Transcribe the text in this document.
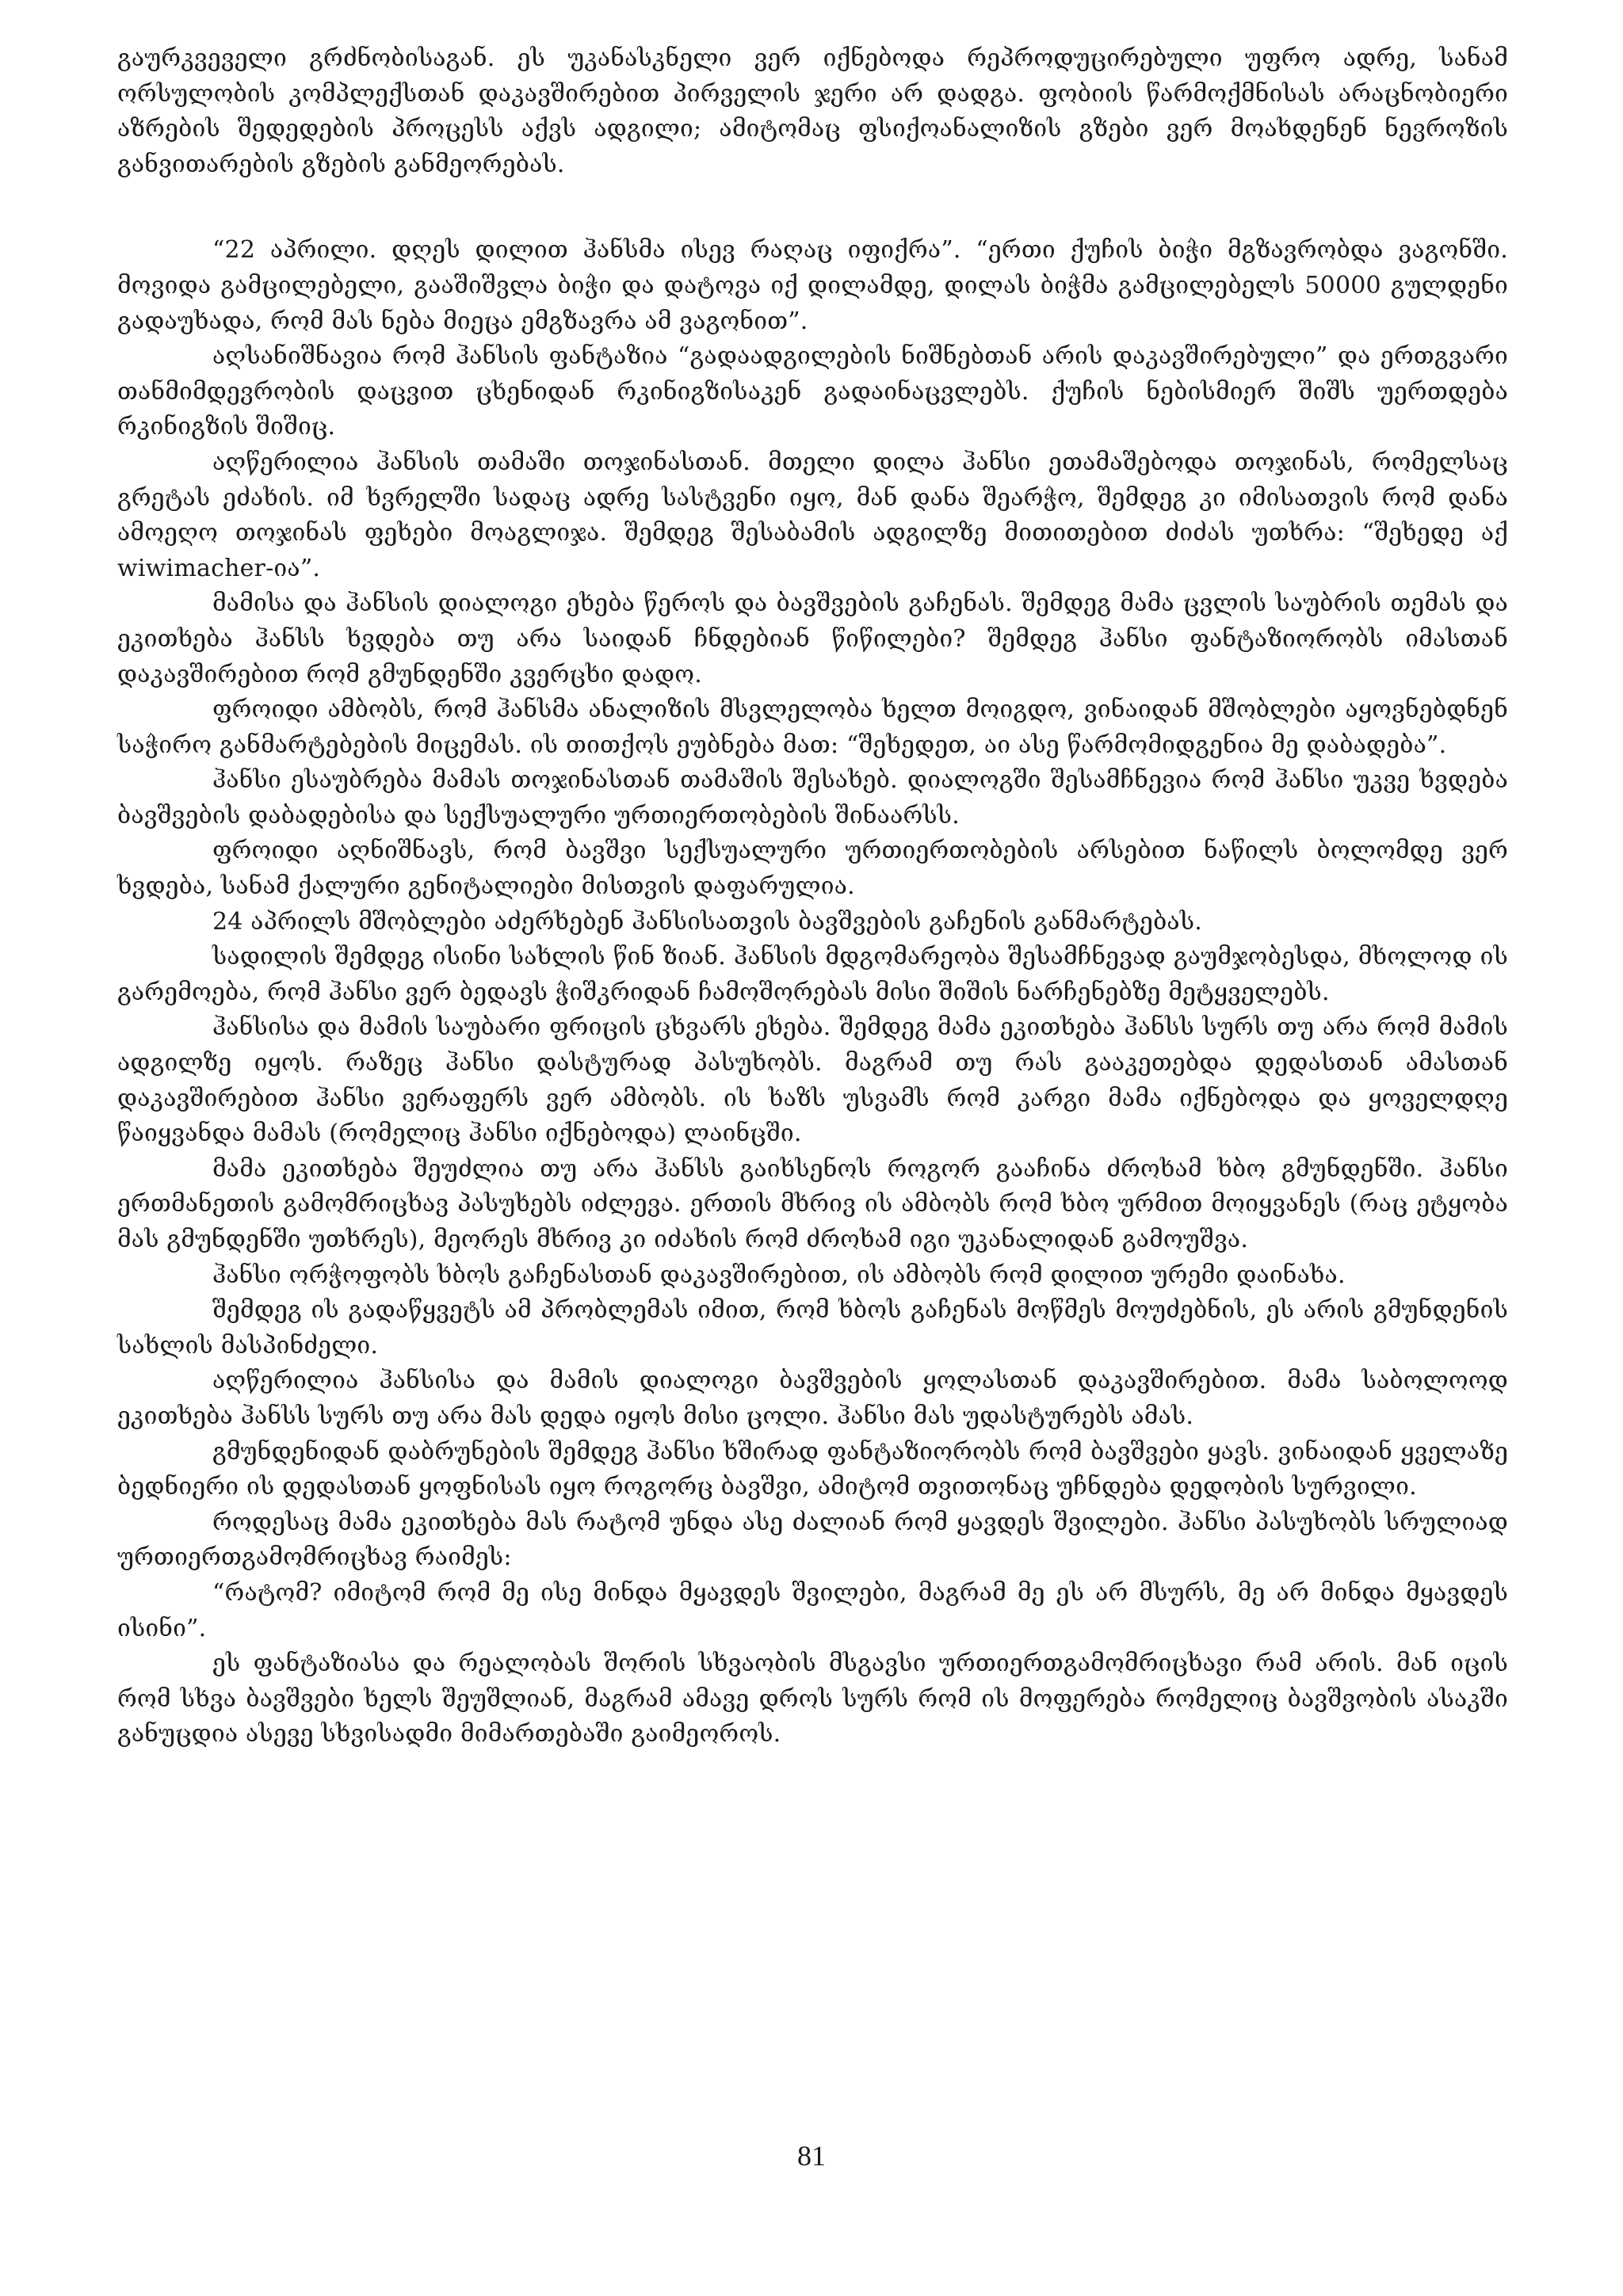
გაურკვეველი გრძნობისაგან. ეს უკანასკნელი ვერ იქნებოდა რეპროდუცირებული უფრო ადრე, სანამ ორსულობის კომპლექსთან დაკავშირებით პირველის ჯერი არ დადგა. ფობიის წარმოქმნისას არაცნობიერი აზრების შედედების პროცესს აქვს ადგილი; ამიტომაც ფსიქოანალიზის გზები ვერ მოახდენენ ნევროზის განვითარების გზების განმეორებას.

“22 აპრილი. დღეს დილით ჰანსმა ისევ რაღაც იფიქრა”. “ერთი ქუჩის ბიჭი მგზავრობდა ვაგონში. მოვიდა გამცილებელი, გააშიშვლა ბიჭი და დატოვა იქ დილამდე, დილას ბიჭმა გამცილებელს 50000 გულდენი გადაუხადა, რომ მას ნება მიეცა ემგზავრა ამ ვაგონით”.

აღსანიშნავია რომ ჰანსის ფანტაზია “გადაადგილების ნიშნებთან არის დაკავშირებული” და ერთგვარი თანმიმდევრობის დაცვით ცხენიდან რკინიგზისაკენ გადაინაცვლებს. ქუჩის ნებისმიერ შიშს უერთდება რკინიგზის შიშიც.

აღწერილია ჰანსის თამაში თოჯინასთან. მთელი დილა ჰანსი ეთამაშებოდა თოჯინას, რომელსაც გრეტას ეძახის. იმ ხვრელში სადაც ადრე სასტვენი იყო, მან დანა შეარჭო, შემდეგ კი იმისათვის რომ დანა ამოეღო თოჯინას ფეხები მოაგლიჯა. შემდეგ შესაბამის ადგილზე მითითებით ძიძას უთხრა: “შეხედე აქ wiwimacher-ია”.

მამისა და ჰანსის დიალოგი ეხება წეროს და ბავშვების გაჩენას. შემდეგ მამა ცვლის საუბრის თემას და ეკითხება ჰანსს ხვდება თუ არა საიდან ჩნდებიან წიწილები? შემდეგ ჰანსი ფანტაზიორობს იმასთან დაკავშირებით რომ გმუნდენში კვერცხი დადო.

ფროიდი ამბობს, რომ ჰანსმა ანალიზის მსვლელობა ხელთ მოიგდო, ვინაიდან მშობლები აყოვნებდნენ საჭირო განმარტებების მიცემას. ის თითქოს ეუბნება მათ: “შეხედეთ, აი ასე წარმომიდგენია მე დაბადება”.

ჰანსი ესაუბრება მამას თოჯინასთან თამაშის შესახებ. დიალოგში შესამჩნევია რომ ჰანსი უკვე ხვდება ბავშვების დაბადებისა და სექსუალური ურთიერთობების შინაარსს.

ფროიდი აღნიშნავს, რომ ბავშვი სექსუალური ურთიერთობების არსებით ნაწილს ბოლომდე ვერ ხვდება, სანამ ქალური გენიტალიები მისთვის დაფარულია.

24 აპრილს მშობლები აძერხებენ ჰანსისათვის ბავშვების გაჩენის განმარტებას.

სადილის შემდეგ ისინი სახლის წინ ზიან. ჰანსის მდგომარეობა შესამჩნევად გაუმჯობესდა, მხოლოდ ის გარემოება, რომ ჰანსი ვერ ბედავს ჭიშკრიდან ჩამოშორებას მისი შიშის ნარჩენებზე მეტყველებს.

ჰანსისა და მამის საუბარი ფრიცის ცხვარს ეხება. შემდეგ მამა ეკითხება ჰანსს სურს თუ არა რომ მამის ადგილზე იყოს. რაზეც ჰანსი დასტურად პასუხობს. მაგრამ თუ რას გააკეთებდა დედასთან ამასთან დაკავშირებით ჰანსი ვერაფერს ვერ ამბობს. ის ხაზს უსვამს რომ კარგი მამა იქნებოდა და ყოველდღე წაიყვანდა მამას (რომელიც ჰანსი იქნებოდა) ლაინცში.

მამა ეკითხება შეუძლია თუ არა ჰანსს გაიხსენოს როგორ გააჩინა ძროხამ ხბო გმუნდენში. ჰანსი ერთმანეთის გამომრიცხავ პასუხებს იძლევა. ერთის მხრივ ის ამბობს რომ ხბო ურმით მოიყვანეს (რაც ეტყობა მას გმუნდენში უთხრეს), მეორეს მხრივ კი იძახის რომ ძროხამ იგი უკანალიდან გამოუშვა.

ჰანსი ორჭოფობს ხბოს გაჩენასთან დაკავშირებით, ის ამბობს რომ დილით ურემი დაინახა.

შემდეგ ის გადაწყვეტს ამ პრობლემას იმით, რომ ხბოს გაჩენას მოწმეს მოუძებნის, ეს არის გმუნდენის სახლის მასპინძელი.

აღწერილია ჰანსისა და მამის დიალოგი ბავშვების ყოლასთან დაკავშირებით. მამა საბოლოოდ ეკითხება ჰანსს სურს თუ არა მას დედა იყოს მისი ცოლი. ჰანსი მას უდასტურებს ამას.

გმუნდენიდან დაბრუნების შემდეგ ჰანსი ხშირად ფანტაზიორობს რომ ბავშვები ყავს. ვინაიდან ყველაზე ბედნიერი ის დედასთან ყოფნისას იყო როგორც ბავშვი, ამიტომ თვითონაც უჩნდება დედობის სურვილი.

როდესაც მამა ეკითხება მას რატომ უნდა ასე ძალიან რომ ყავდეს შვილები. ჰანსი პასუხობს სრულიად ურთიერთგამომრიცხავ რაიმეს:

“რატომ? იმიტომ რომ მე ისე მინდა მყავდეს შვილები, მაგრამ მე ეს არ მსურს, მე არ მინდა მყავდეს ისინი”.

ეს ფანტაზიასა და რეალობას შორის სხვაობის მსგავსი ურთიერთგამომრიცხავი რამ არის. მან იცის რომ სხვა ბავშვები ხელს შეუშლიან, მაგრამ ამავე დროს სურს რომ ის მოფერება რომელიც ბავშვობის ასაკში განუცდია ასევე სხვისადმი მიმართებაში გაიმეოროს.

81
